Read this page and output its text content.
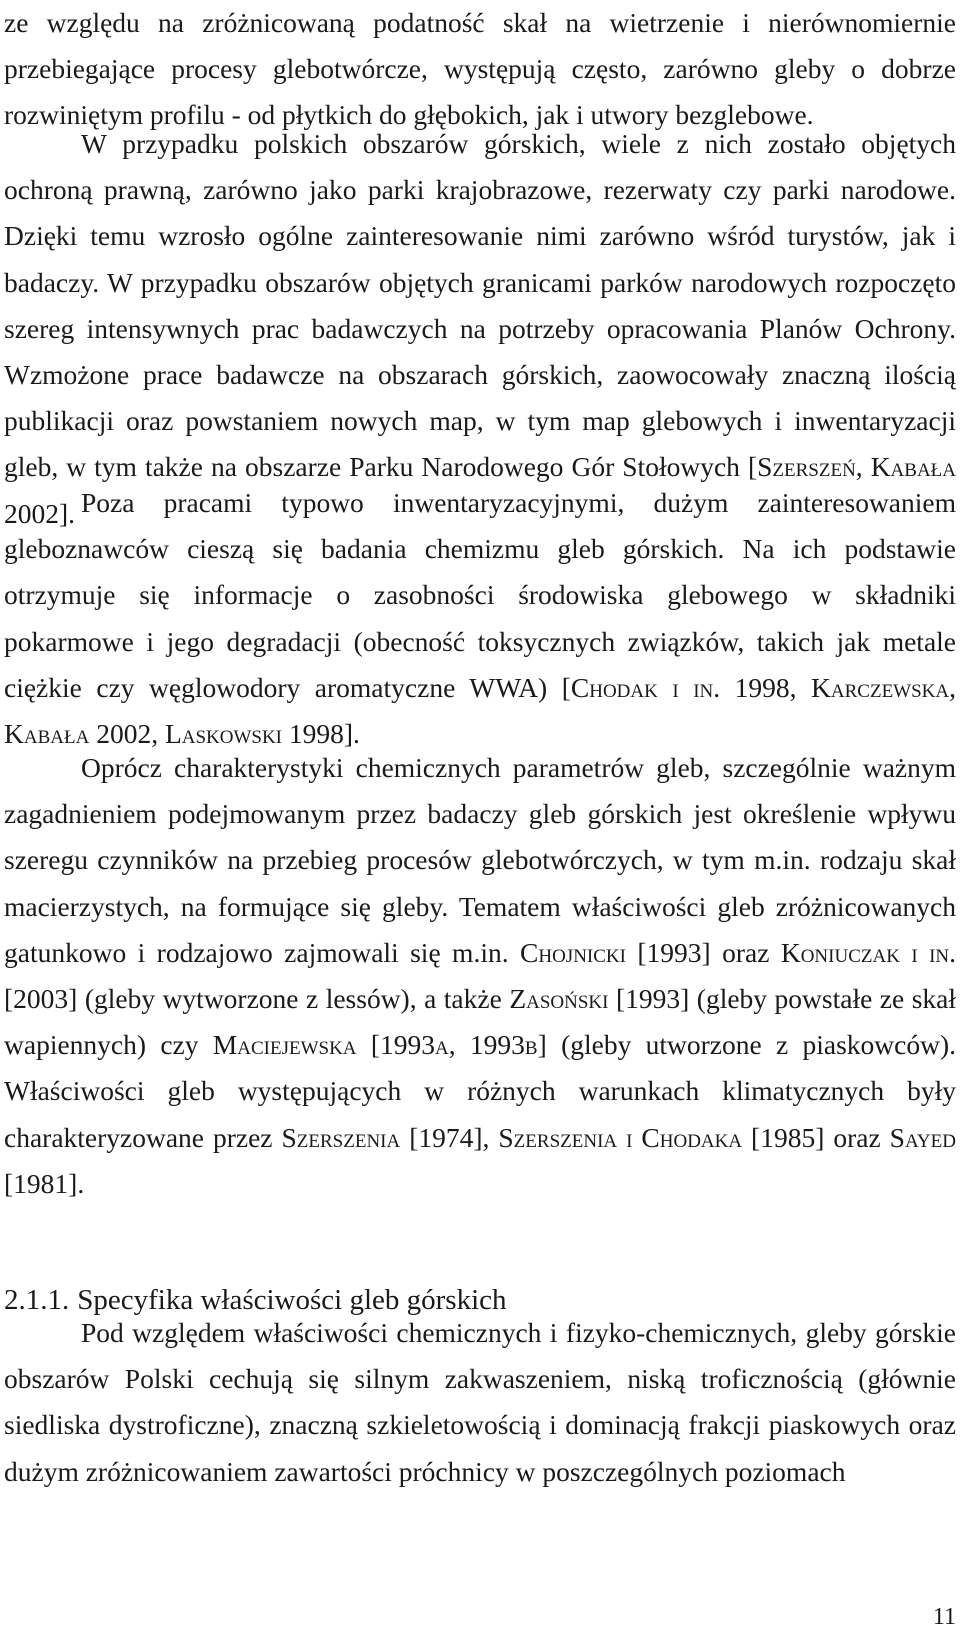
ze względu na zróżnicowaną podatność skał na wietrzenie i nierównomiernie przebiegające procesy glebotwórcze, występują często, zarówno gleby o dobrze rozwiniętym profilu - od płytkich do głębokich, jak i utwory bezglebowe.

W przypadku polskich obszarów górskich, wiele z nich zostało objętych ochroną prawną, zarówno jako parki krajobrazowe, rezerwaty czy parki narodowe. Dzięki temu wzrosło ogólne zainteresowanie nimi zarówno wśród turystów, jak i badaczy. W przypadku obszarów objętych granicami parków narodowych rozpoczęto szereg intensywnych prac badawczych na potrzeby opracowania Planów Ochrony. Wzmożone prace badawcze na obszarach górskich, zaowocowały znaczną ilością publikacji oraz powstaniem nowych map, w tym map glebowych i inwentaryzacji gleb, w tym także na obszarze Parku Narodowego Gór Stołowych [Szerszeń, Kabała 2002]. Poza pracami typowo inwentaryzacyjnymi, dużym zainteresowaniem gleboznawców cieszą się badania chemizmu gleb górskich. Na ich podstawie otrzymuje się informacje o zasobności środowiska glebowego w składniki pokarmowe i jego degradacji (obecność toksycznych związków, takich jak metale ciężkie czy węglowodory aromatyczne WWA) [Chodak i in. 1998, Karczewska, Kabała 2002, Laskowski 1998].

Oprócz charakterystyki chemicznych parametrów gleb, szczególnie ważnym zagadnieniem podejmowanym przez badaczy gleb górskich jest określenie wpływu szeregu czynników na przebieg procesów glebotwórczych, w tym m.in. rodzaju skał macierzystych, na formujące się gleby. Tematem właściwości gleb zróżnicowanych gatunkowo i rodzajowo zajmowali się m.in. Chojnicki [1993] oraz Koniuczak i in. [2003] (gleby wytworzone z lessów), a także Zasoński [1993] (gleby powstałe ze skał wapiennych) czy Maciejewska [1993a, 1993b] (gleby utworzone z piaskowców). Właściwości gleb występujących w różnych warunkach klimatycznych były charakteryzowane przez Szerszenia [1974], Szerszenia i Chodaka [1985] oraz Sayed [1981].

2.1.1. Specyfika właściwości gleb górskich

Pod względem właściwości chemicznych i fizyko-chemicznych, gleby górskie obszarów Polski cechują się silnym zakwaszeniem, niską troficznością (głównie siedliska dystroficzne), znaczną szkieletowością i dominacją frakcji piaskowych oraz dużym zróżnicowaniem zawartości próchnicy w poszczególnych poziomach

11
